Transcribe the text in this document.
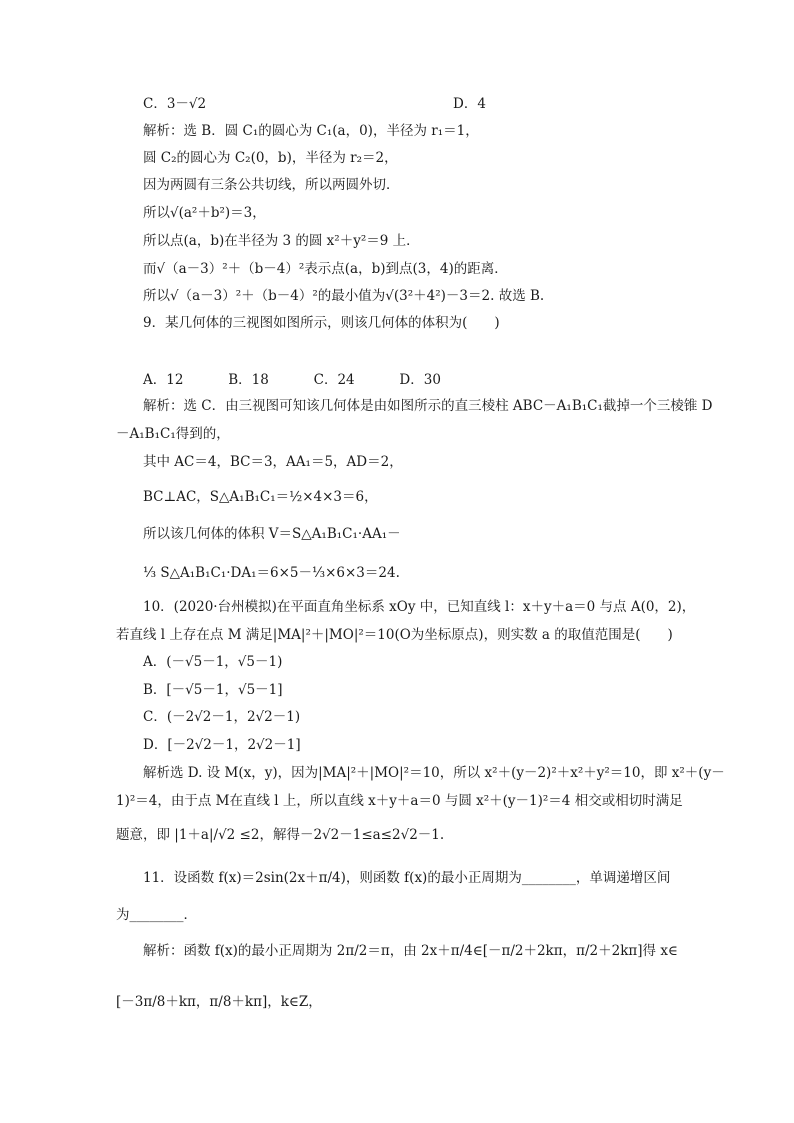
C．3－√2	D．4
解析：选 B．圆 C₁的圆心为 C₁(a，0)，半径为 r₁＝1，
圆 C₂的圆心为 C₂(0，b)，半径为 r₂＝2，
因为两圆有三条公共切线，所以两圆外切．
所以√(a²＋b²)＝3，
所以点(a，b)在半径为 3 的圆 x²＋y²＝9 上．
而√（a－3）²＋（b－4）²表示点(a，b)到点(3，4)的距离．
所以√（a－3）²＋（b－4）²的最小值为√(3²＋4²)－3＝2. 故选 B.
9．某几何体的三视图如图所示，则该几何体的体积为(　　)
A．12　　　 B．18　　　 C．24　　　 D．30
解析：选 C．由三视图可知该几何体是由如图所示的直三棱柱 ABC－A₁B₁C₁截掉一个三棱锥 D
－A₁B₁C₁得到的，
其中 AC＝4，BC＝3，AA₁＝5，AD＝2，
BC⊥AC，S△A₁B₁C₁＝½×4×3＝6，
所以该几何体的体积 V＝S△A₁B₁C₁·AA₁－
⅓ S△A₁B₁C₁·DA₁＝6×5－⅓×6×3＝24.
10．(2020·台州模拟)在平面直角坐标系 xOy 中，已知直线 l：x＋y＋a＝0 与点 A(0，2)，
若直线 l 上存在点 M 满足|MA|²＋|MO|²＝10(O为坐标原点)，则实数 a 的取值范围是(　　)
A．(－√5－1，√5－1)
B．[－√5－1，√5－1]
C．(－2√2－1，2√2－1)
D．[－2√2－1，2√2－1]
解析选 D. 设 M(x，y)，因为|MA|²＋|MO|²＝10，所以 x²＋(y－2)²＋x²＋y²＝10，即 x²＋(y－
1)²＝4，由于点 M在直线 l 上，所以直线 x＋y＋a＝0 与圆 x²＋(y－1)²＝4 相交或相切时满足
题意，即 |1＋a|/√2 ≤2，解得－2√2－1≤a≤2√2－1.
11．设函数 f(x)＝2sin(2x＋π/4)，则函数 f(x)的最小正周期为________，单调递增区间
为________．
解析：函数 f(x)的最小正周期为 2π/2＝π，由 2x＋π/4∈[－π/2＋2kπ，π/2＋2kπ]得 x∈
[－3π/8＋kπ，π/8＋kπ]，k∈Z，
